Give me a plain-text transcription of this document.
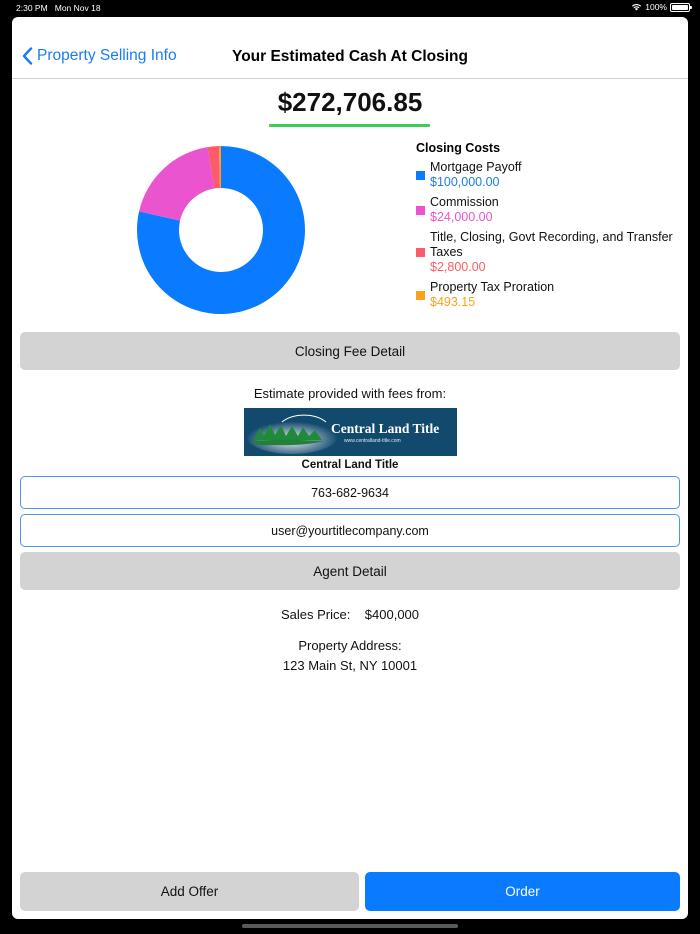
2:30 PM Mon Nov 18	100%
Property Selling Info	Your Estimated Cash At Closing
$272,706.85
Closing Costs
Mortgage Payoff
$100,000.00
Commission
$24,000.00
Title, Closing, Govt Recording, and Transfer Taxes
$2,800.00
Property Tax Proration
$493.15
Closing Fee Detail
Estimate provided with fees from:
Central Land Title
www.centralland-title.com
Central Land Title
763-682-9634
user@yourtitlecompany.com
Agent Detail
Sales Price: $400,000
Property Address:
123 Main St, NY 10001
Add Offer	Order
